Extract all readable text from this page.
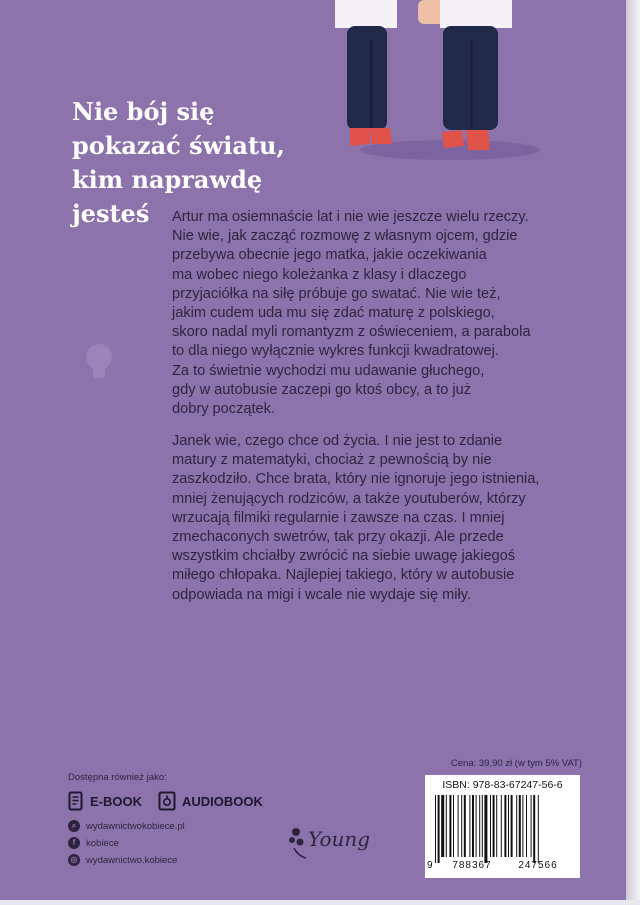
Nie bój się
pokazać światu,
kim naprawdę
jesteś	Artur ma osiemnaście lat i nie wie jeszcze wielu rzeczy.
Nie wie, jak zacząć rozmowę z własnym ojcem, gdzie
przebywa obecnie jego matka, jakie oczekiwania
ma wobec niego koleżanka z klasy i dlaczego
przyjaciółka na siłę próbuje go swatać. Nie wie też,
jakim cudem uda mu się zdać maturę z polskiego,
skoro nadal myli romantyzm z oświeceniem, a parabola
to dla niego wyłącznie wykres funkcji kwadratowej.
Za to świetnie wychodzi mu udawanie głuchego,
gdy w autobusie zaczepi go ktoś obcy, a to już
dobry początek.

Janek wie, czego chce od życia. I nie jest to zdanie
matury z matematyki, chociaż z pewnością by nie
zaszkodziło. Chce brata, który nie ignoruje jego istnienia,
mniej żenujących rodziców, a także youtuberów, którzy
wrzucają filmiki regularnie i zawsze na czas. I mniej
zmechaconych swetrów, tak przy okazji. Ale przede
wszystkim chciałby zwrócić na siebie uwagę jakiegoś
miłego chłopaka. Najlepiej takiego, który w autobusie
odpowiada na migi i wcale nie wydaje się miły.

Dostępna również jako:
E-BOOK	AUDIOBOOK
⌕	wydawnictwokobiece.pl
f	kobiece
◎ wydawnictwo.kobiece
Young
Cena: 39,90 zł (w tym 5% VAT)
ISBN: 978-83-67247-56-6
9	788367	247566
